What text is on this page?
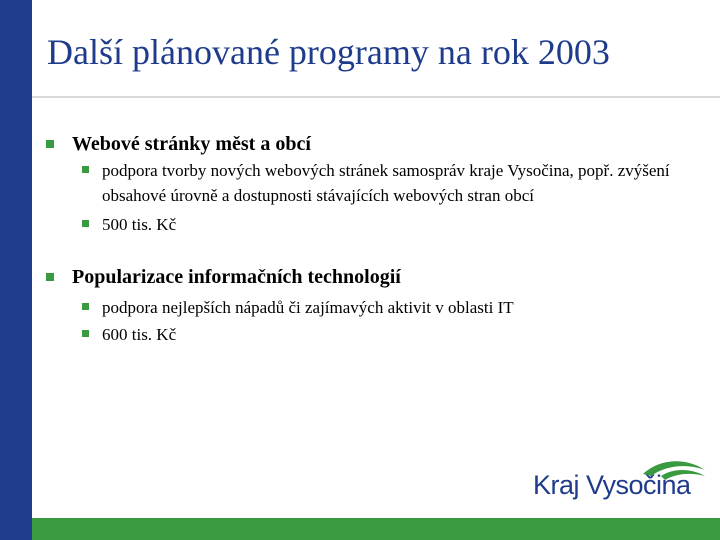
Další plánované programy na rok 2003
Webové stránky měst a obcí
podpora tvorby nových webových stránek samospráv kraje Vysočina, popř. zvýšení obsahové úrovně a dostupnosti stávajících webových stran obcí
500 tis. Kč
Popularizace informačních technologií
podpora nejlepších nápadů či zajímavých aktivit v oblasti IT
600 tis. Kč
Kraj Vysočina
